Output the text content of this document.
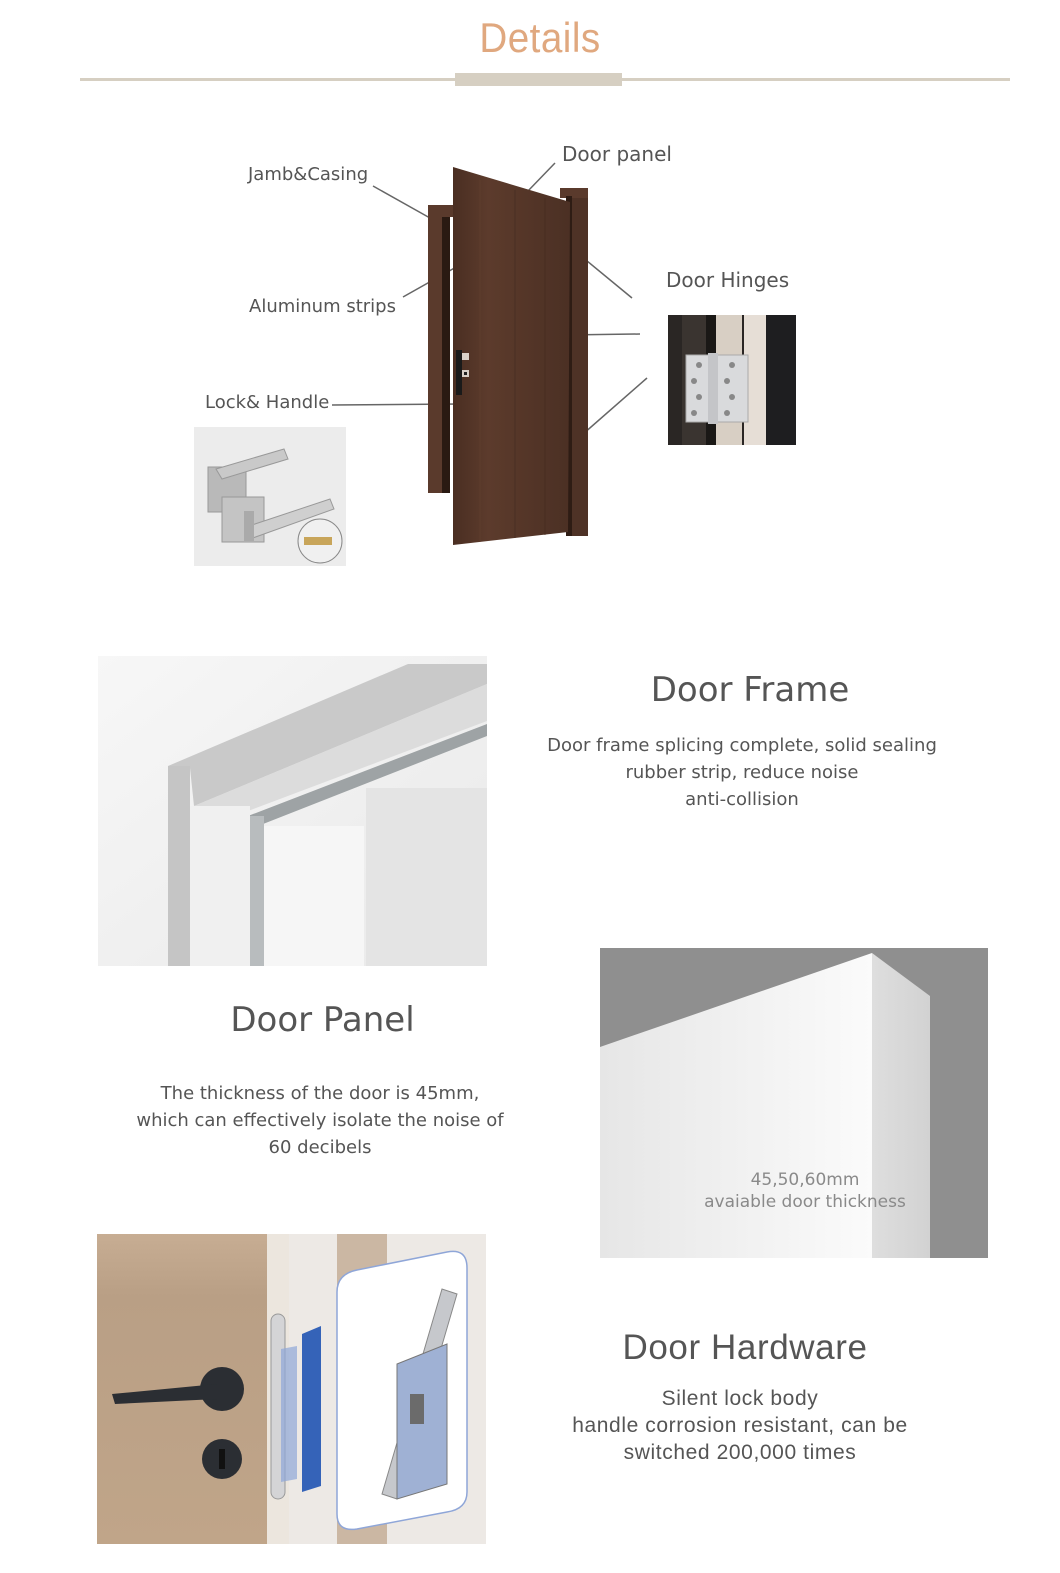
Details
Jamb&Casing
Door panel
Aluminum strips
Door Hinges
Lock& Handle
Door Frame
Door frame splicing complete, solid sealing
rubber strip, reduce noise
anti-collision
45,50,60mm
avaiable door thickness
Door Panel
The thickness of the door is 45mm,
which can effectively isolate the noise of
60 decibels
Door Hardware
Silent lock body
handle corrosion resistant, can be
switched 200,000 times
